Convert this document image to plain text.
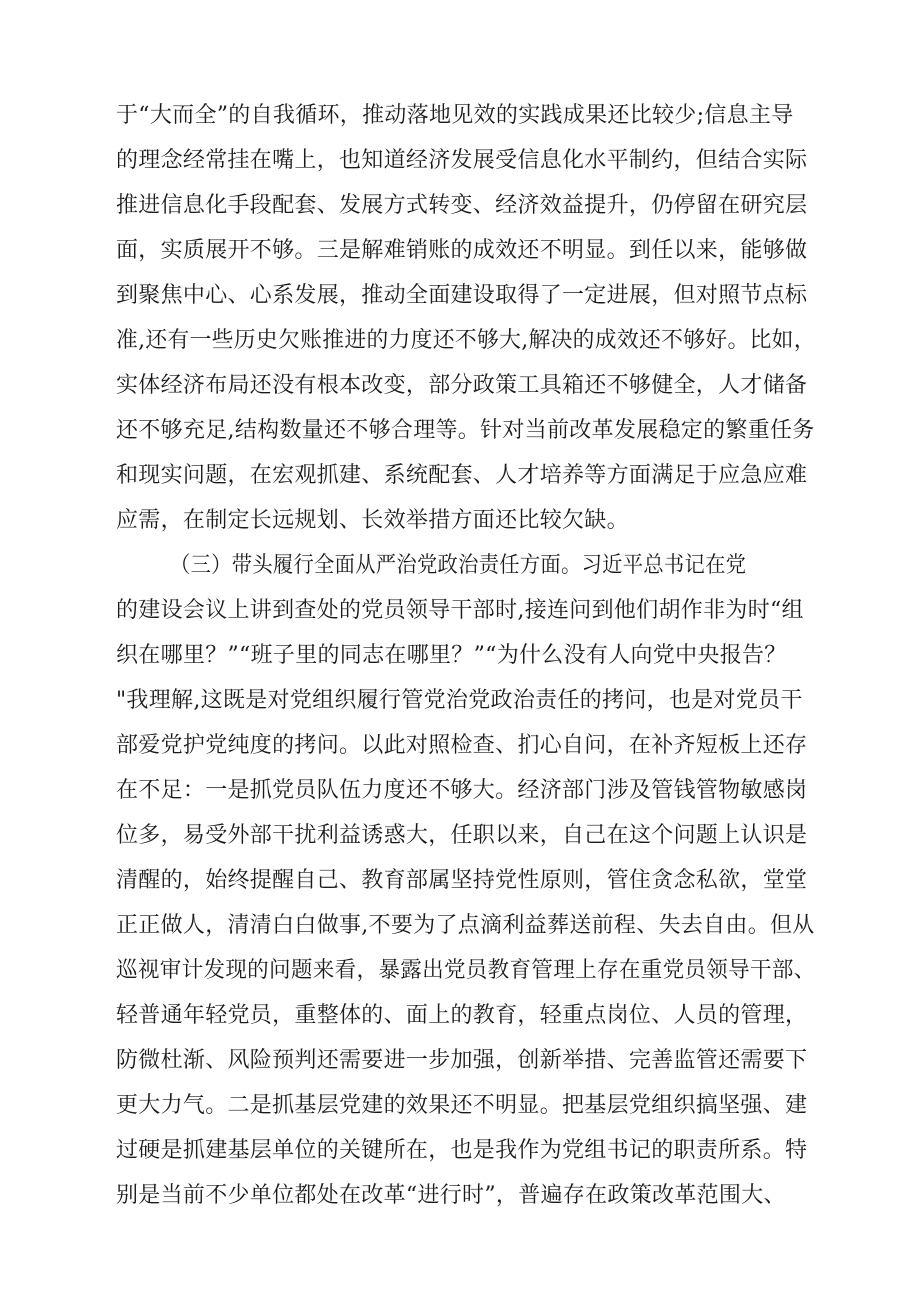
于“大而全”的自我循环，推动落地见效的实践成果还比较少;信息主导
的理念经常挂在嘴上，也知道经济发展受信息化水平制约，但结合实际
推进信息化手段配套、发展方式转变、经济效益提升，仍停留在研究层
面，实质展开不够。三是解难销账的成效还不明显。到任以来，能够做
到聚焦中心、心系发展，推动全面建设取得了一定进展，但对照节点标
准,还有一些历史欠账推进的力度还不够大,解决的成效还不够好。比如，
实体经济布局还没有根本改变，部分政策工具箱还不够健全，人才储备
还不够充足,结构数量还不够合理等。针对当前改革发展稳定的繁重任务
和现实问题，在宏观抓建、系统配套、人才培养等方面满足于应急应难
应需，在制定长远规划、长效举措方面还比较欠缺。
（三）带头履行全面从严治党政治责任方面。习近平总书记在党
的建设会议上讲到查处的党员领导干部时,接连问到他们胡作非为时“组
织在哪里？”“班子里的同志在哪里？”“为什么没有人向党中央报告？
"我理解,这既是对党组织履行管党治党政治责任的拷问，也是对党员干
部爱党护党纯度的拷问。以此对照检查、扪心自问，在补齐短板上还存
在不足：一是抓党员队伍力度还不够大。经济部门涉及管钱管物敏感岗
位多，易受外部干扰利益诱惑大，任职以来，自己在这个问题上认识是
清醒的，始终提醒自己、教育部属坚持党性原则，管住贪念私欲，堂堂
正正做人，清清白白做事,不要为了点滴利益葬送前程、失去自由。但从
巡视审计发现的问题来看，暴露出党员教育管理上存在重党员领导干部、
轻普通年轻党员，重整体的、面上的教育，轻重点岗位、人员的管理，
防微杜渐、风险预判还需要进一步加强，创新举措、完善监管还需要下
更大力气。二是抓基层党建的效果还不明显。把基层党组织搞坚强、建
过硬是抓建基层单位的关键所在，也是我作为党组书记的职责所系。特
别是当前不少单位都处在改革“进行时”，普遍存在政策改革范围大、
